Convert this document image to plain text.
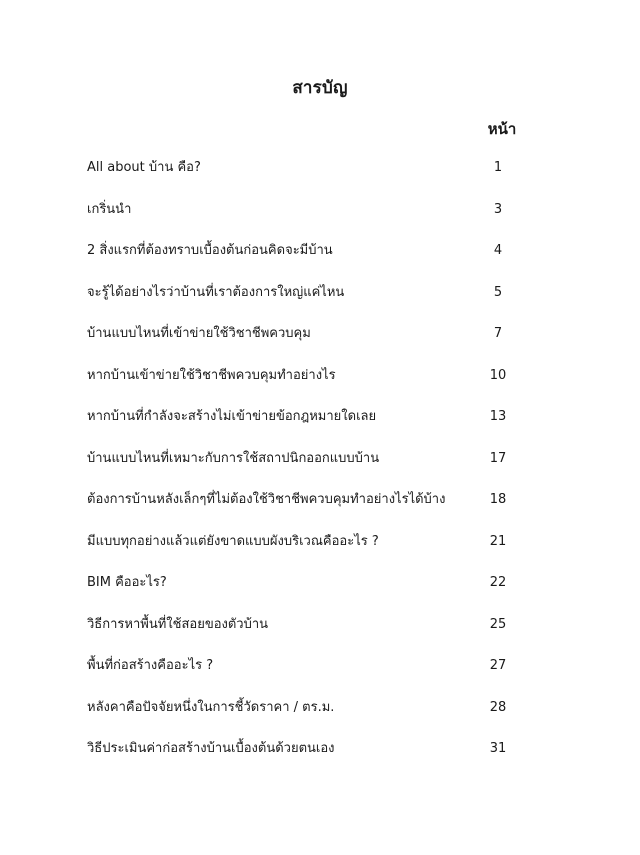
สารบัญ
หน้า
All about บ้าน คือ?	1
เกริ่นนำ	3
2 สิ่งแรกที่ต้องทราบเบื้องต้นก่อนคิดจะมีบ้าน	4
จะรู้ได้อย่างไรว่าบ้านที่เราต้องการใหญ่แค่ไหน	5
บ้านแบบไหนที่เข้าข่ายใช้วิชาชีพควบคุม	7
หากบ้านเข้าข่ายใช้วิชาชีพควบคุมทำอย่างไร	10
หากบ้านที่กำลังจะสร้างไม่เข้าข่ายข้อกฎหมายใดเลย	13
บ้านแบบไหนที่เหมาะกับการใช้สถาปนิกออกแบบบ้าน	17
ต้องการบ้านหลังเล็กๆที่ไม่ต้องใช้วิชาชีพควบคุมทำอย่างไรได้บ้าง	18
มีแบบทุกอย่างแล้วแต่ยังขาดแบบผังบริเวณคืออะไร ?	21
BIM คืออะไร?	22
วิธีการหาพื้นที่ใช้สอยของตัวบ้าน	25
พื้นที่ก่อสร้างคืออะไร ?	27
หลังคาคือปัจจัยหนึ่งในการชี้วัดราคา / ตร.ม.	28
วิธีประเมินค่าก่อสร้างบ้านเบื้องต้นด้วยตนเอง	31
